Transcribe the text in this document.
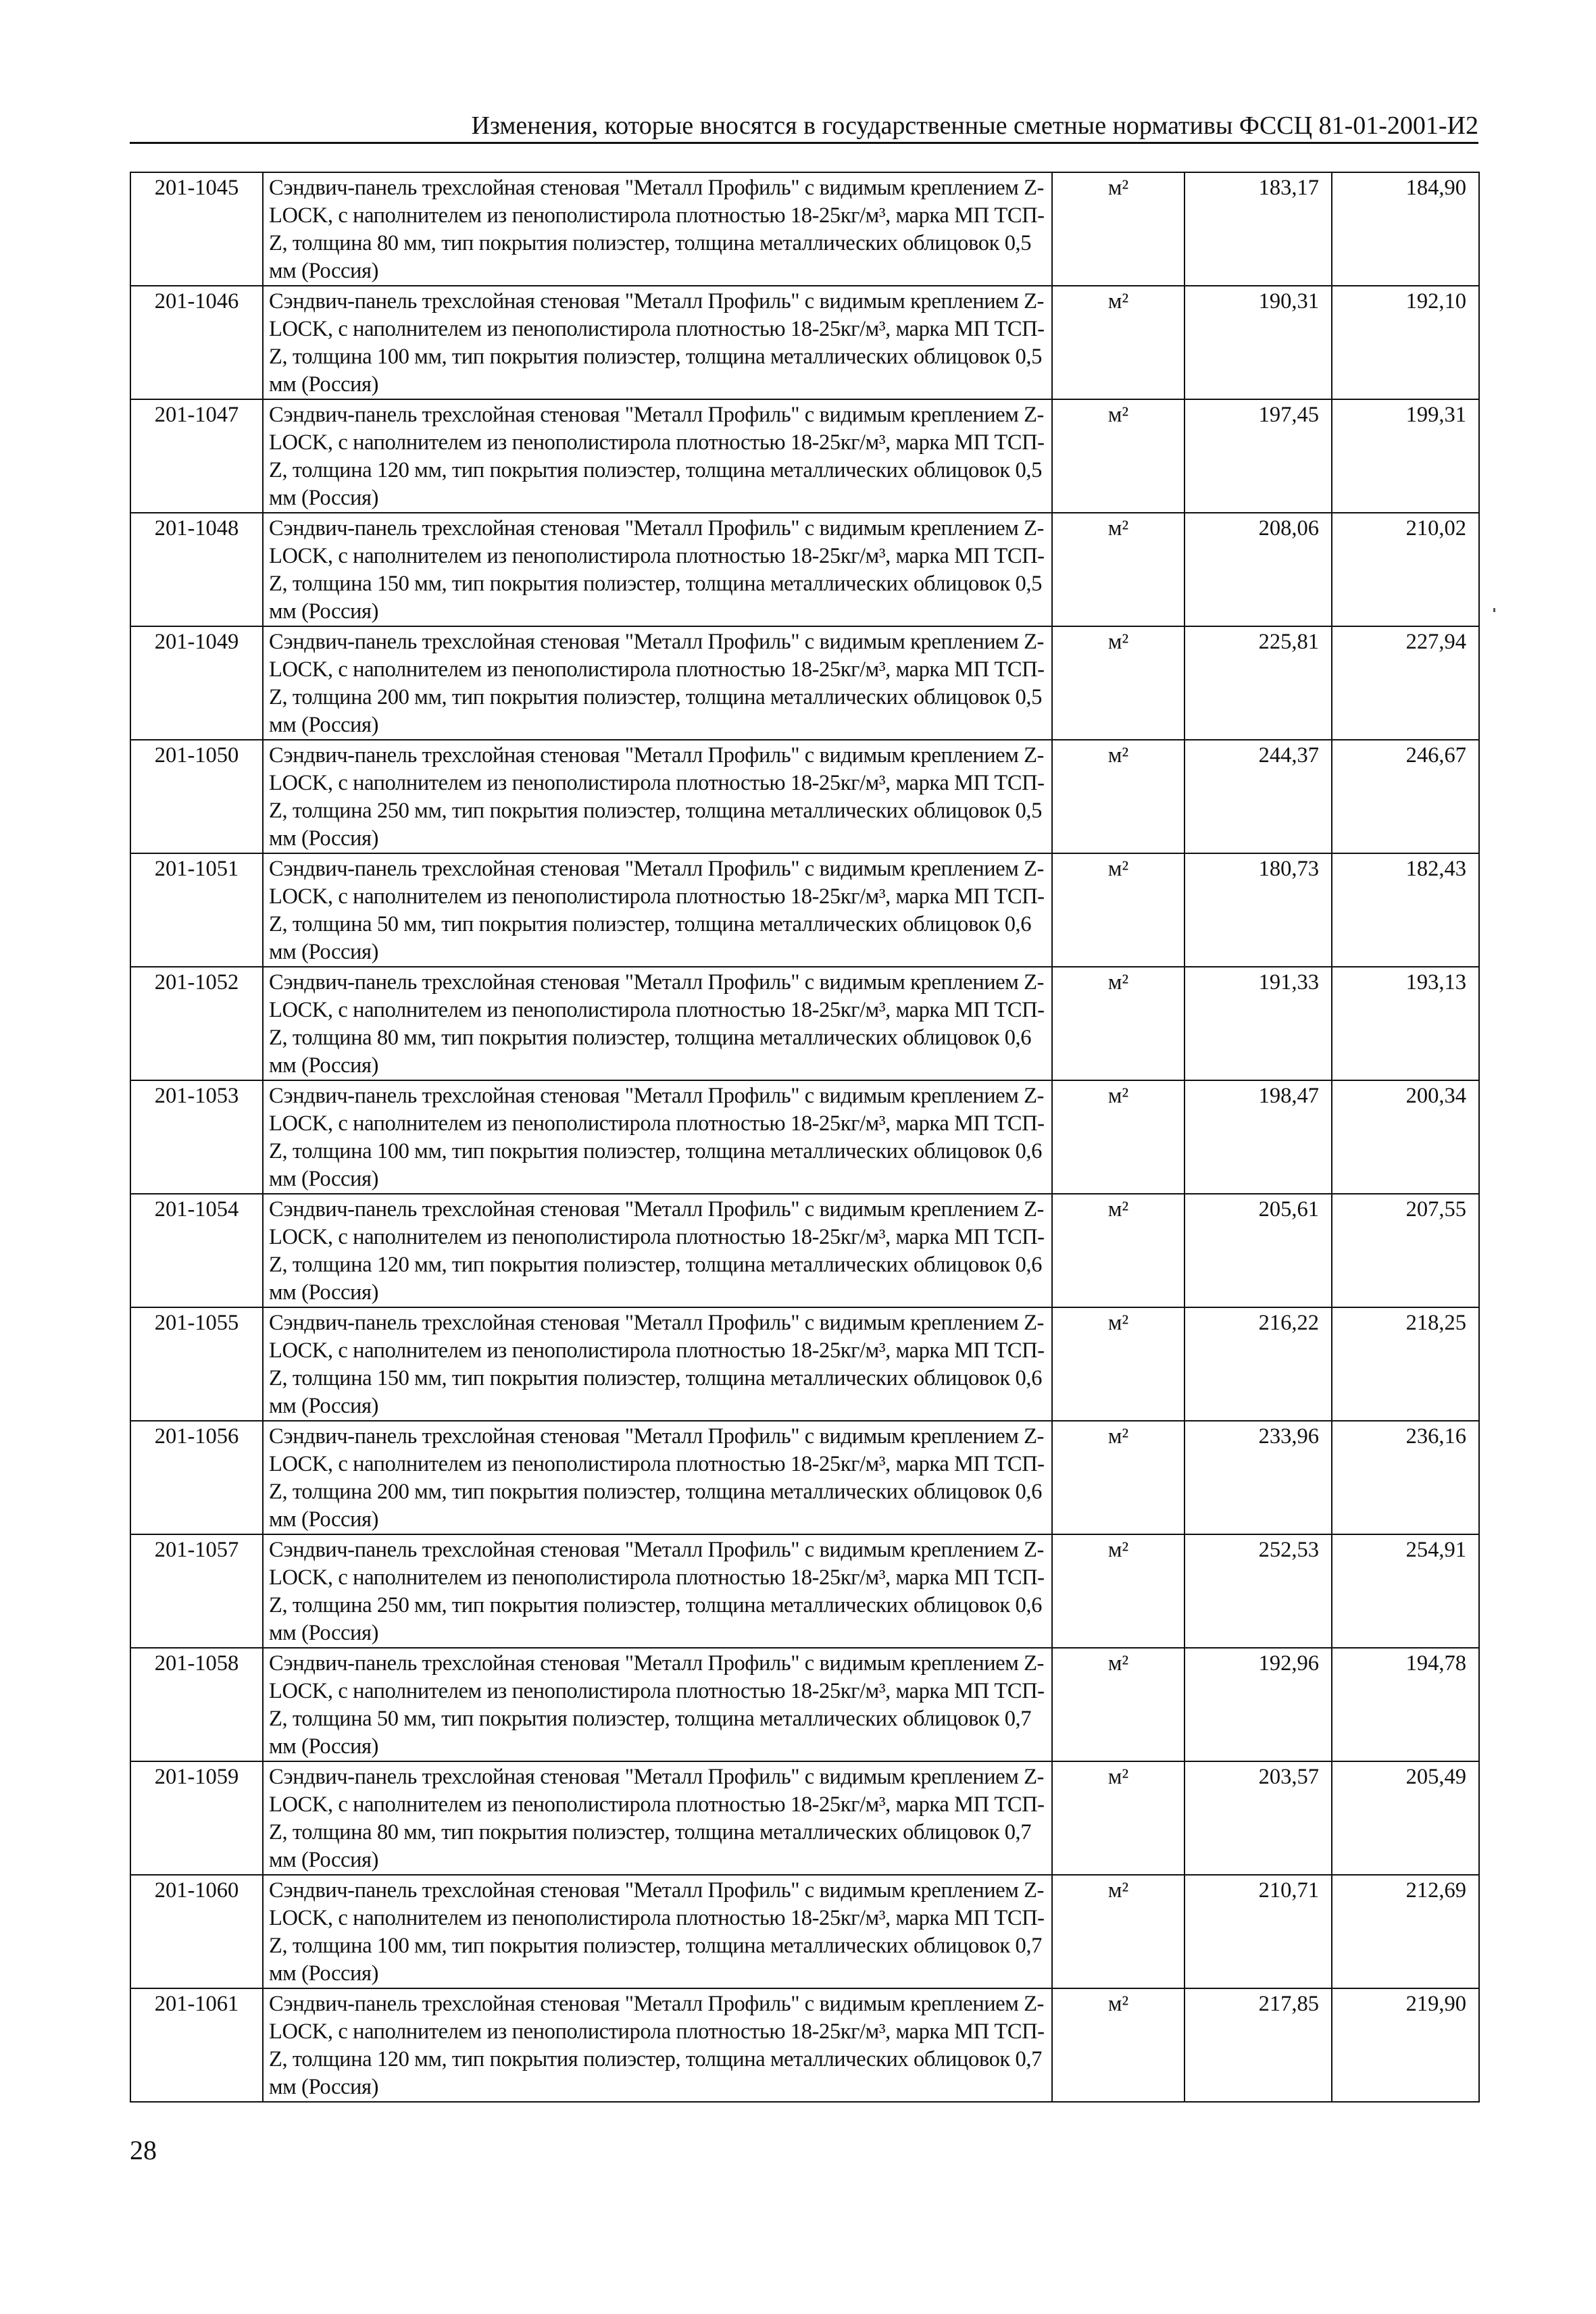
Изменения, которые вносятся в государственные сметные нормативы ФССЦ 81-01-2001-И2
201-1045	Сэндвич-панель трехслойная стеновая "Металл Профиль" с видимым креплением Z-LOCK, с наполнителем из пенополистирола плотностью 18-25кг/м³, марка МП ТСП-Z, толщина 80 мм, тип покрытия полиэстер, толщина металлических облицовок 0,5 мм (Россия)	м²	183,17	184,90
201-1046	Сэндвич-панель трехслойная стеновая "Металл Профиль" с видимым креплением Z-LOCK, с наполнителем из пенополистирола плотностью 18-25кг/м³, марка МП ТСП-Z, толщина 100 мм, тип покрытия полиэстер, толщина металлических облицовок 0,5 мм (Россия)	м²	190,31	192,10
201-1047	Сэндвич-панель трехслойная стеновая "Металл Профиль" с видимым креплением Z-LOCK, с наполнителем из пенополистирола плотностью 18-25кг/м³, марка МП ТСП-Z, толщина 120 мм, тип покрытия полиэстер, толщина металлических облицовок 0,5 мм (Россия)	м²	197,45	199,31
201-1048	Сэндвич-панель трехслойная стеновая "Металл Профиль" с видимым креплением Z-LOCK, с наполнителем из пенополистирола плотностью 18-25кг/м³, марка МП ТСП-Z, толщина 150 мм, тип покрытия полиэстер, толщина металлических облицовок 0,5 мм (Россия)	м²	208,06	210,02
201-1049	Сэндвич-панель трехслойная стеновая "Металл Профиль" с видимым креплением Z-LOCK, с наполнителем из пенополистирола плотностью 18-25кг/м³, марка МП ТСП-Z, толщина 200 мм, тип покрытия полиэстер, толщина металлических облицовок 0,5 мм (Россия)	м²	225,81	227,94
201-1050	Сэндвич-панель трехслойная стеновая "Металл Профиль" с видимым креплением Z-LOCK, с наполнителем из пенополистирола плотностью 18-25кг/м³, марка МП ТСП-Z, толщина 250 мм, тип покрытия полиэстер, толщина металлических облицовок 0,5 мм (Россия)	м²	244,37	246,67
201-1051	Сэндвич-панель трехслойная стеновая "Металл Профиль" с видимым креплением Z-LOCK, с наполнителем из пенополистирола плотностью 18-25кг/м³, марка МП ТСП-Z, толщина 50 мм, тип покрытия полиэстер, толщина металлических облицовок 0,6 мм (Россия)	м²	180,73	182,43
201-1052	Сэндвич-панель трехслойная стеновая "Металл Профиль" с видимым креплением Z-LOCK, с наполнителем из пенополистирола плотностью 18-25кг/м³, марка МП ТСП-Z, толщина 80 мм, тип покрытия полиэстер, толщина металлических облицовок 0,6 мм (Россия)	м²	191,33	193,13
201-1053	Сэндвич-панель трехслойная стеновая "Металл Профиль" с видимым креплением Z-LOCK, с наполнителем из пенополистирола плотностью 18-25кг/м³, марка МП ТСП-Z, толщина 100 мм, тип покрытия полиэстер, толщина металлических облицовок 0,6 мм (Россия)	м²	198,47	200,34
201-1054	Сэндвич-панель трехслойная стеновая "Металл Профиль" с видимым креплением Z-LOCK, с наполнителем из пенополистирола плотностью 18-25кг/м³, марка МП ТСП-Z, толщина 120 мм, тип покрытия полиэстер, толщина металлических облицовок 0,6 мм (Россия)	м²	205,61	207,55
201-1055	Сэндвич-панель трехслойная стеновая "Металл Профиль" с видимым креплением Z-LOCK, с наполнителем из пенополистирола плотностью 18-25кг/м³, марка МП ТСП-Z, толщина 150 мм, тип покрытия полиэстер, толщина металлических облицовок 0,6 мм (Россия)	м²	216,22	218,25
201-1056	Сэндвич-панель трехслойная стеновая "Металл Профиль" с видимым креплением Z-LOCK, с наполнителем из пенополистирола плотностью 18-25кг/м³, марка МП ТСП-Z, толщина 200 мм, тип покрытия полиэстер, толщина металлических облицовок 0,6 мм (Россия)	м²	233,96	236,16
201-1057	Сэндвич-панель трехслойная стеновая "Металл Профиль" с видимым креплением Z-LOCK, с наполнителем из пенополистирола плотностью 18-25кг/м³, марка МП ТСП-Z, толщина 250 мм, тип покрытия полиэстер, толщина металлических облицовок 0,6 мм (Россия)	м²	252,53	254,91
201-1058	Сэндвич-панель трехслойная стеновая "Металл Профиль" с видимым креплением Z-LOCK, с наполнителем из пенополистирола плотностью 18-25кг/м³, марка МП ТСП-Z, толщина 50 мм, тип покрытия полиэстер, толщина металлических облицовок 0,7 мм (Россия)	м²	192,96	194,78
201-1059	Сэндвич-панель трехслойная стеновая "Металл Профиль" с видимым креплением Z-LOCK, с наполнителем из пенополистирола плотностью 18-25кг/м³, марка МП ТСП-Z, толщина 80 мм, тип покрытия полиэстер, толщина металлических облицовок 0,7 мм (Россия)	м²	203,57	205,49
201-1060	Сэндвич-панель трехслойная стеновая "Металл Профиль" с видимым креплением Z-LOCK, с наполнителем из пенополистирола плотностью 18-25кг/м³, марка МП ТСП-Z, толщина 100 мм, тип покрытия полиэстер, толщина металлических облицовок 0,7 мм (Россия)	м²	210,71	212,69
201-1061	Сэндвич-панель трехслойная стеновая "Металл Профиль" с видимым креплением Z-LOCK, с наполнителем из пенополистирола плотностью 18-25кг/м³, марка МП ТСП-Z, толщина 120 мм, тип покрытия полиэстер, толщина металлических облицовок 0,7 мм (Россия)	м²	217,85	219,90
28
